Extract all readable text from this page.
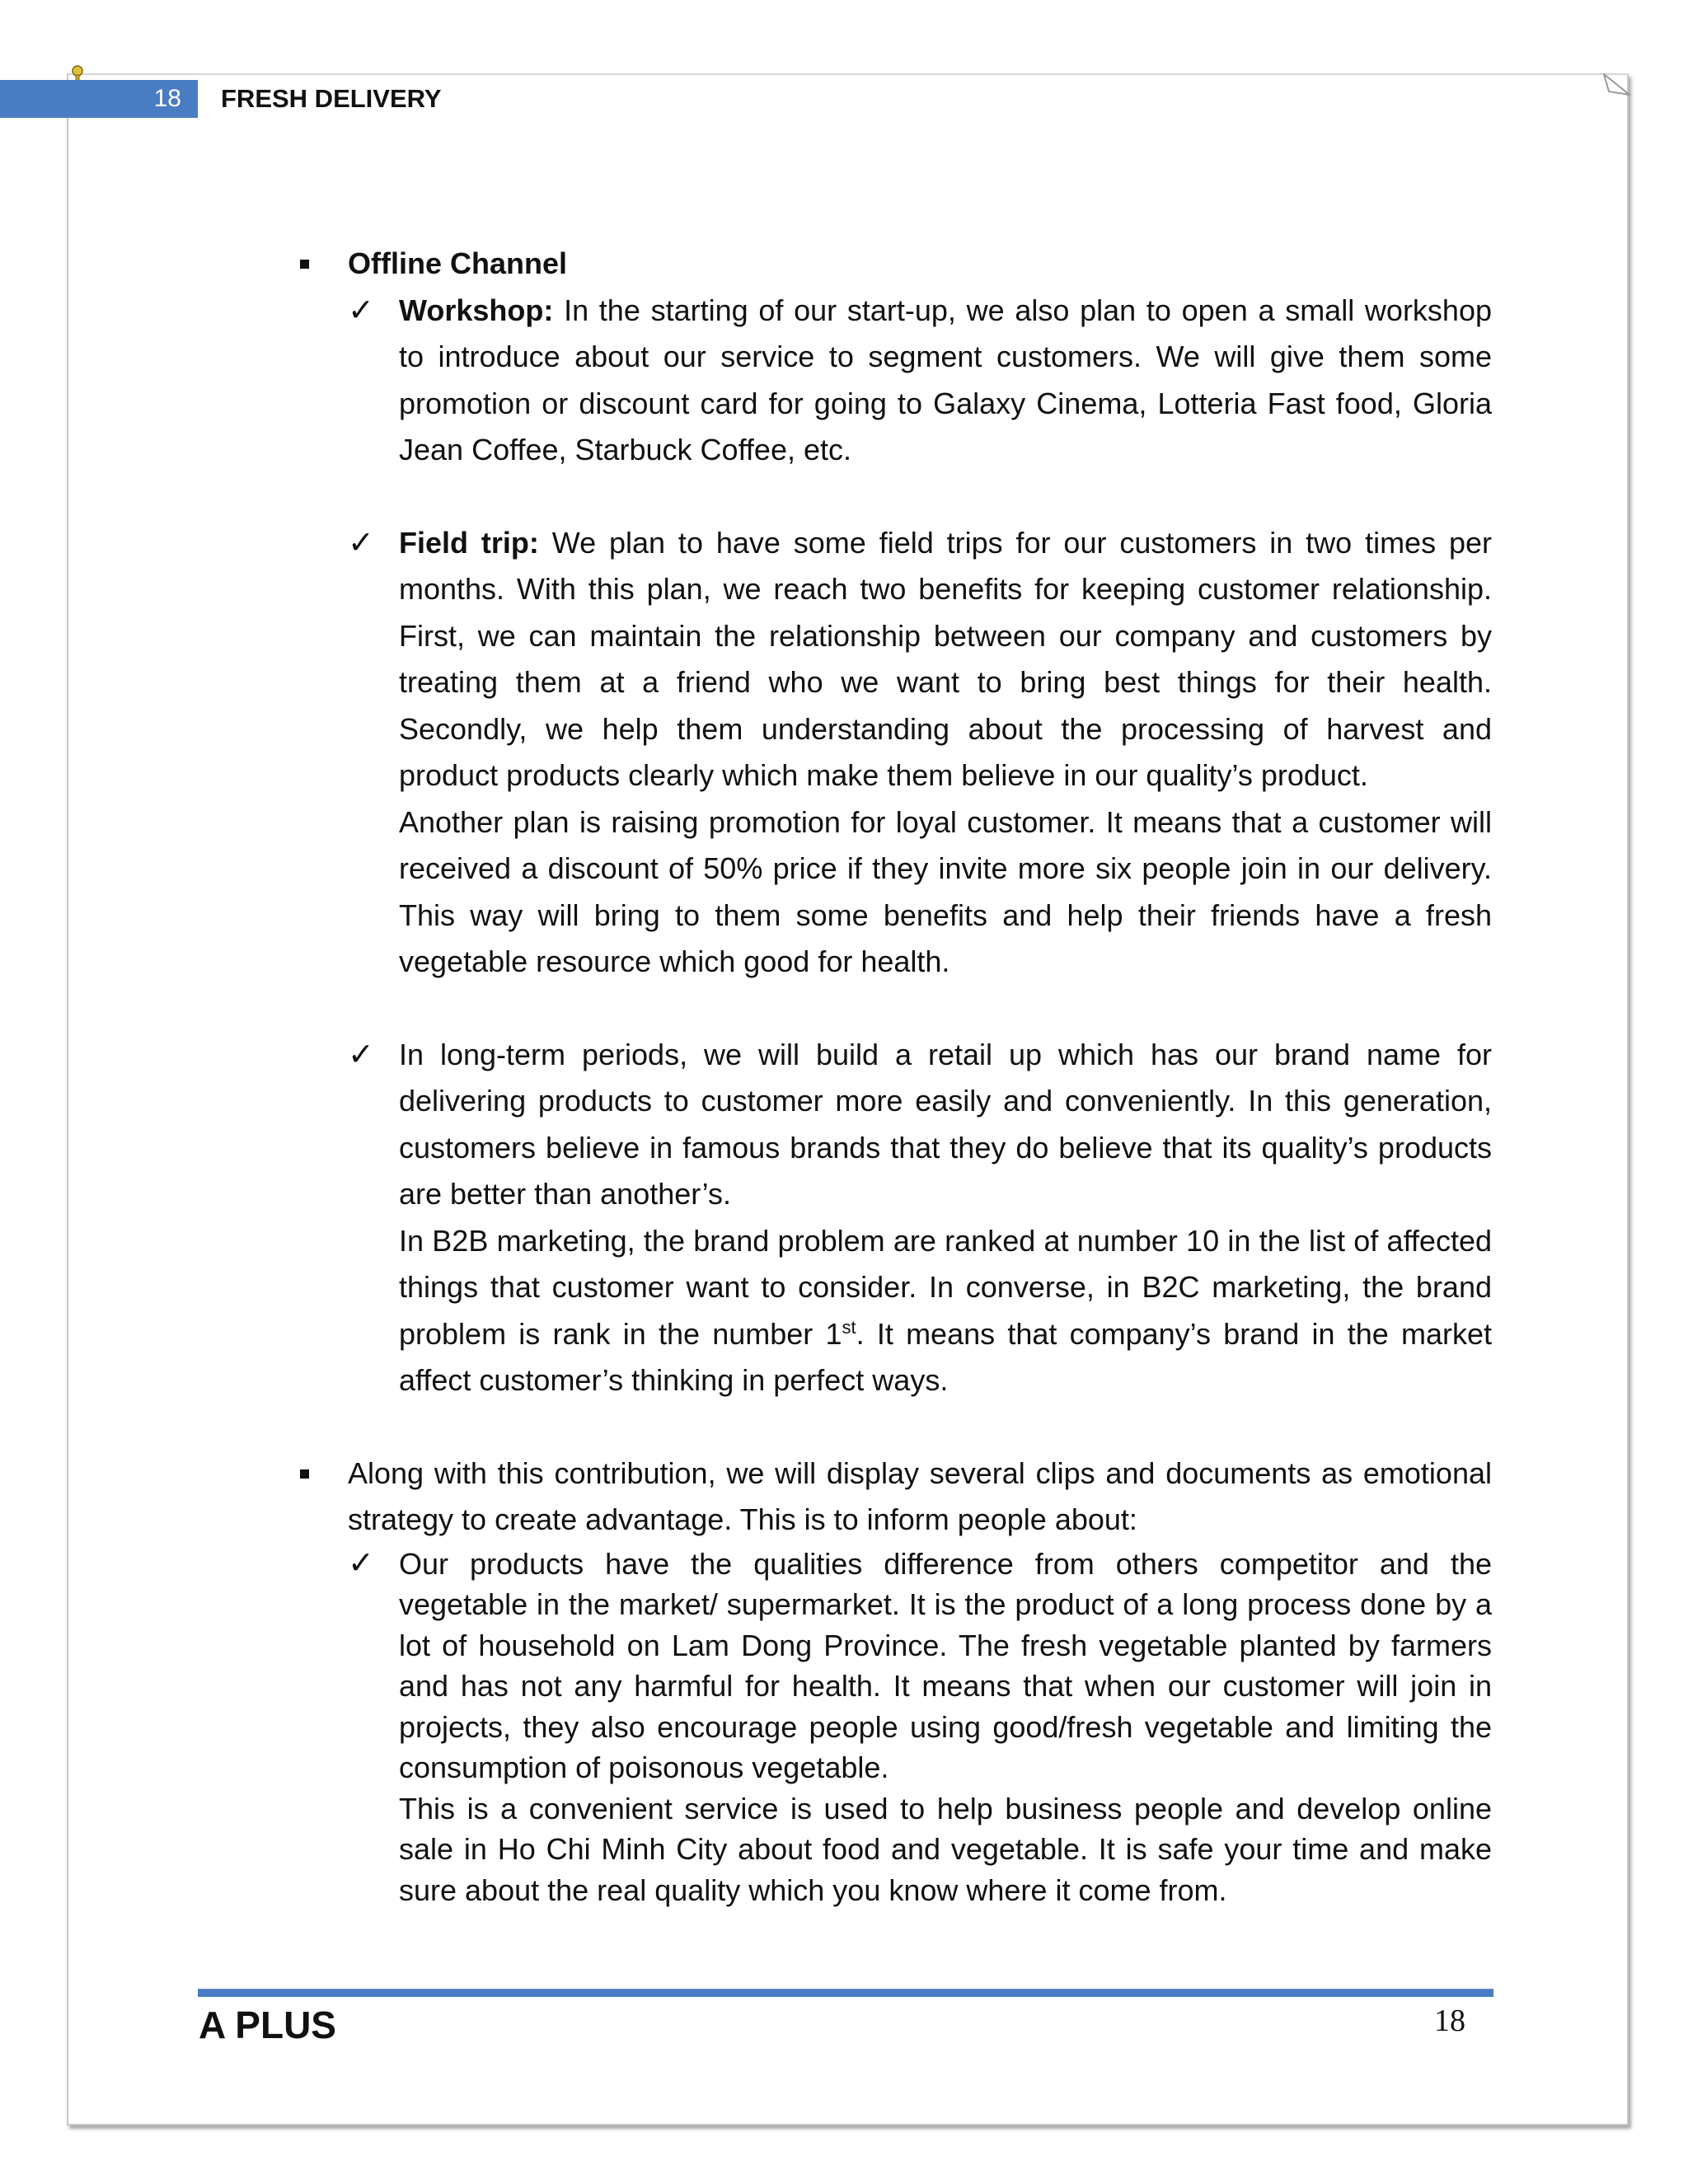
18 FRESH DELIVERY
Offline Channel
✓ Workshop: In the starting of our start-up, we also plan to open a small workshop to introduce about our service to segment customers. We will give them some promotion or discount card for going to Galaxy Cinema, Lotteria Fast food, Gloria Jean Coffee, Starbuck Coffee, etc.
✓ Field trip: We plan to have some field trips for our customers in two times per months. With this plan, we reach two benefits for keeping customer relationship. First, we can maintain the relationship between our company and customers by treating them at a friend who we want to bring best things for their health. Secondly, we help them understanding about the processing of harvest and product products clearly which make them believe in our quality’s product.
Another plan is raising promotion for loyal customer. It means that a customer will received a discount of 50% price if they invite more six people join in our delivery. This way will bring to them some benefits and help their friends have a fresh vegetable resource which good for health.
✓ In long-term periods, we will build a retail up which has our brand name for delivering products to customer more easily and conveniently. In this generation, customers believe in famous brands that they do believe that its quality’s products are better than another’s.
In B2B marketing, the brand problem are ranked at number 10 in the list of affected things that customer want to consider. In converse, in B2C marketing, the brand problem is rank in the number 1st. It means that company’s brand in the market affect customer’s thinking in perfect ways.
Along with this contribution, we will display several clips and documents as emotional strategy to create advantage. This is to inform people about:
✓ Our products have the qualities difference from others competitor and the vegetable in the market/ supermarket. It is the product of a long process done by a lot of household on Lam Dong Province. The fresh vegetable planted by farmers and has not any harmful for health. It means that when our customer will join in projects, they also encourage people using good/fresh vegetable and limiting the consumption of poisonous vegetable.
This is a convenient service is used to help business people and develop online sale in Ho Chi Minh City about food and vegetable. It is safe your time and make sure about the real quality which you know where it come from.
A PLUS	18
